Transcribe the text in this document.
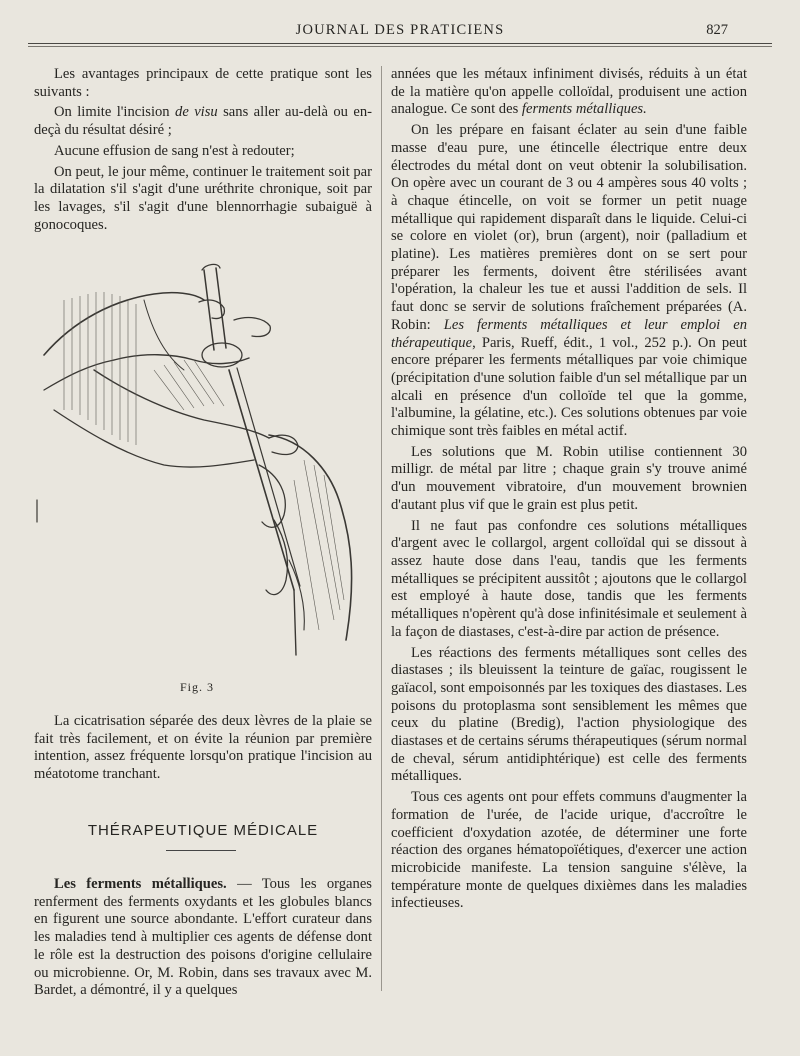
JOURNAL DES PRATICIENS	827

Les avantages principaux de cette pratique sont les suivants :

On limite l'incision de visu sans aller au-delà ou en-deçà du résultat désiré ;

Aucune effusion de sang n'est à redouter;

On peut, le jour même, continuer le traitement soit par la dilatation s'il s'agit d'une uréthrite chronique, soit par les lavages, s'il s'agit d'une blennorrhagie subaiguë à gonocoques.

Fig. 3

La cicatrisation séparée des deux lèvres de la plaie se fait très facilement, et on évite la réunion par première intention, assez fréquente lorsqu'on pratique l'incision au méatotome tranchant.

THÉRAPEUTIQUE MÉDICALE

Les ferments métalliques. — Tous les organes renferment des ferments oxydants et les globules blancs en figurent une source abondante. L'effort curateur dans les maladies tend à multiplier ces agents de défense dont le rôle est la destruction des poisons d'origine cellulaire ou microbienne. Or, M. Robin, dans ses travaux avec M. Bardet, a démontré, il y a quelques

années que les métaux infiniment divisés, réduits à un état de la matière qu'on appelle colloïdal, produisent une action analogue. Ce sont des ferments métalliques.

On les prépare en faisant éclater au sein d'une faible masse d'eau pure, une étincelle électrique entre deux électrodes du métal dont on veut obtenir la solubilisation. On opère avec un courant de 3 ou 4 ampères sous 40 volts ; à chaque étincelle, on voit se former un petit nuage métallique qui rapidement disparaît dans le liquide. Celui-ci se colore en violet (or), brun (argent), noir (palladium et platine). Les matières premières dont on se sert pour préparer les ferments, doivent être stérilisées avant l'opération, la chaleur les tue et aussi l'addition de sels. Il faut donc se servir de solutions fraîchement préparées (A. Robin: Les ferments métalliques et leur emploi en thérapeutique, Paris, Rueff, édit., 1 vol., 252 p.). On peut encore préparer les ferments métalliques par voie chimique (précipitation d'une solution faible d'un sel métallique par un alcali en présence d'un colloïde tel que la gomme, l'albumine, la gélatine, etc.). Ces solutions obtenues par voie chimique sont très faibles en métal actif.

Les solutions que M. Robin utilise contiennent 30 milligr. de métal par litre ; chaque grain s'y trouve animé d'un mouvement vibratoire, d'un mouvement brownien d'autant plus vif que le grain est plus petit.

Il ne faut pas confondre ces solutions métalliques d'argent avec le collargol, argent colloïdal qui se dissout à assez haute dose dans l'eau, tandis que les ferments métalliques se précipitent aussitôt ; ajoutons que le collargol est employé à haute dose, tandis que les ferments métalliques n'opèrent qu'à dose infinitésimale et seulement à la façon de diastases, c'est-à-dire par action de présence.

Les réactions des ferments métalliques sont celles des diastases ; ils bleuissent la teinture de gaïac, rougissent le gaïacol, sont empoisonnés par les toxiques des diastases. Les poisons du protoplasma sont sensiblement les mêmes que ceux du platine (Bredig), l'action physiologique des diastases et de certains sérums thérapeutiques (sérum normal de cheval, sérum antidiphtérique) est celle des ferments métalliques.

Tous ces agents ont pour effets communs d'augmenter la formation de l'urée, de l'acide urique, d'accroître le coefficient d'oxydation azotée, de déterminer une forte réaction des organes hématopoïétiques, d'exercer une action microbicide manifeste. La tension sanguine s'élève, la température monte de quelques dixièmes dans les maladies infectieuses.
